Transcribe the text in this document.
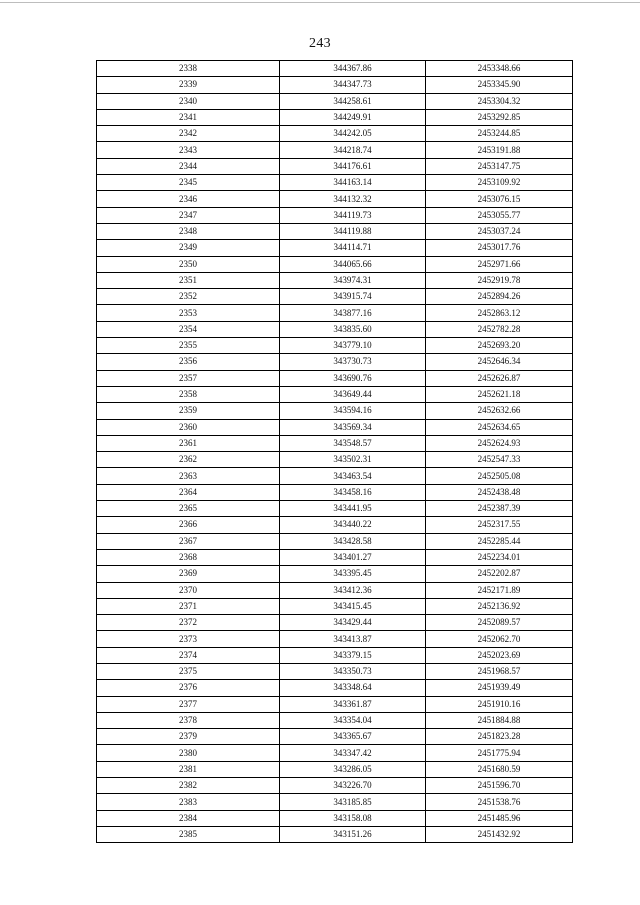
243
2338	344367.86	2453348.66
2339	344347.73	2453345.90
2340	344258.61	2453304.32
2341	344249.91	2453292.85
2342	344242.05	2453244.85
2343	344218.74	2453191.88
2344	344176.61	2453147.75
2345	344163.14	2453109.92
2346	344132.32	2453076.15
2347	344119.73	2453055.77
2348	344119.88	2453037.24
2349	344114.71	2453017.76
2350	344065.66	2452971.66
2351	343974.31	2452919.78
2352	343915.74	2452894.26
2353	343877.16	2452863.12
2354	343835.60	2452782.28
2355	343779.10	2452693.20
2356	343730.73	2452646.34
2357	343690.76	2452626.87
2358	343649.44	2452621.18
2359	343594.16	2452632.66
2360	343569.34	2452634.65
2361	343548.57	2452624.93
2362	343502.31	2452547.33
2363	343463.54	2452505.08
2364	343458.16	2452438.48
2365	343441.95	2452387.39
2366	343440.22	2452317.55
2367	343428.58	2452285.44
2368	343401.27	2452234.01
2369	343395.45	2452202.87
2370	343412.36	2452171.89
2371	343415.45	2452136.92
2372	343429.44	2452089.57
2373	343413.87	2452062.70
2374	343379.15	2452023.69
2375	343350.73	2451968.57
2376	343348.64	2451939.49
2377	343361.87	2451910.16
2378	343354.04	2451884.88
2379	343365.67	2451823.28
2380	343347.42	2451775.94
2381	343286.05	2451680.59
2382	343226.70	2451596.70
2383	343185.85	2451538.76
2384	343158.08	2451485.96
2385	343151.26	2451432.92
